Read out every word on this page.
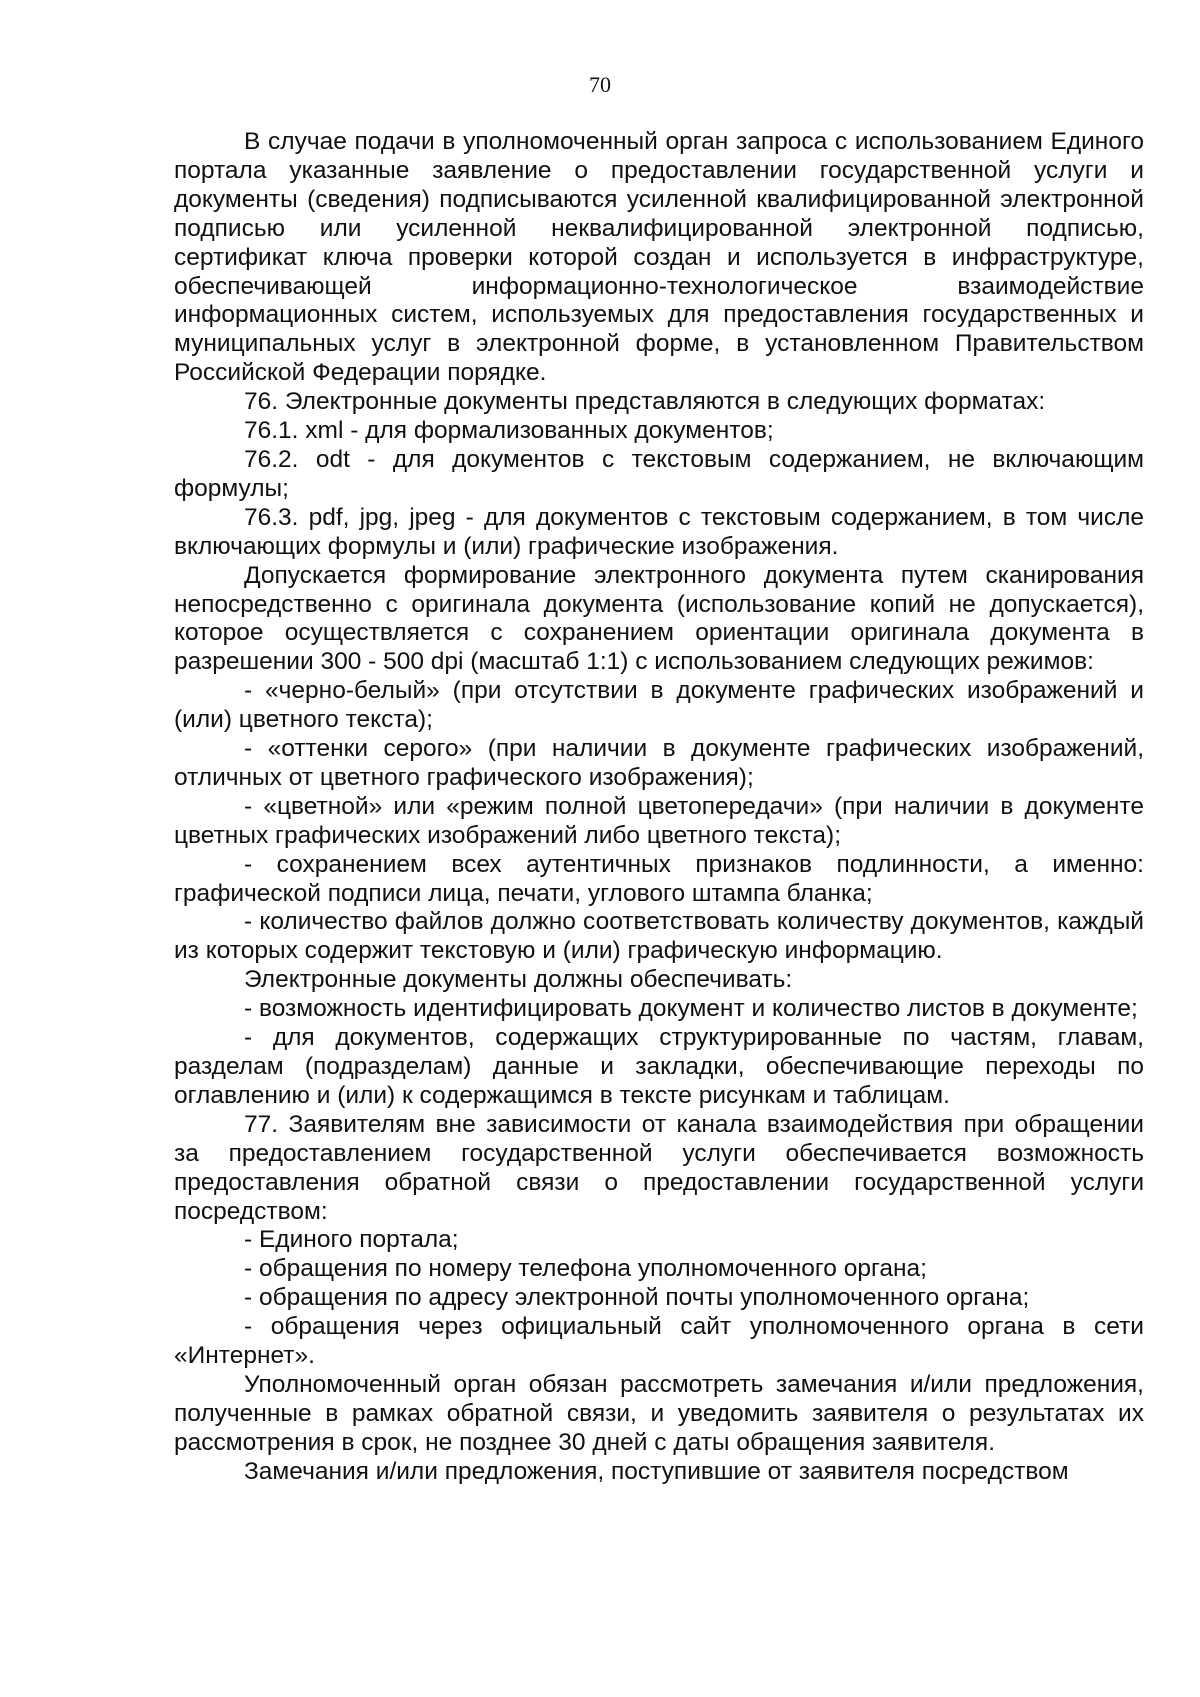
70

В случае подачи в уполномоченный орган запроса с использованием Единого портала указанные заявление о предоставлении государственной услуги и документы (сведения) подписываются усиленной квалифицированной электронной подписью или усиленной неквалифицированной электронной подписью, сертификат ключа проверки которой создан и используется в инфраструктуре, обеспечивающей информационно-технологическое взаимодействие информационных систем, используемых для предоставления государственных и муниципальных услуг в электронной форме, в установленном Правительством Российской Федерации порядке.

76. Электронные документы представляются в следующих форматах:

76.1. xml - для формализованных документов;

76.2. odt - для документов с текстовым содержанием, не включающим формулы;

76.3. pdf, jpg, jpeg - для документов с текстовым содержанием, в том числе включающих формулы и (или) графические изображения.

Допускается формирование электронного документа путем сканирования непосредственно с оригинала документа (использование копий не допускается), которое осуществляется с сохранением ориентации оригинала документа в разрешении 300 - 500 dpi (масштаб 1:1) с использованием следующих режимов:

- «черно-белый» (при отсутствии в документе графических изображений и (или) цветного текста);

- «оттенки серого» (при наличии в документе графических изображений, отличных от цветного графического изображения);

- «цветной» или «режим полной цветопередачи» (при наличии в документе цветных графических изображений либо цветного текста);

- сохранением всех аутентичных признаков подлинности, а именно: графической подписи лица, печати, углового штампа бланка;

- количество файлов должно соответствовать количеству документов, каждый из которых содержит текстовую и (или) графическую информацию.

Электронные документы должны обеспечивать:

- возможность идентифицировать документ и количество листов в документе;

- для документов, содержащих структурированные по частям, главам, разделам (подразделам) данные и закладки, обеспечивающие переходы по оглавлению и (или) к содержащимся в тексте рисункам и таблицам.

77. Заявителям вне зависимости от канала взаимодействия при обращении за предоставлением государственной услуги обеспечивается возможность предоставления обратной связи о предоставлении государственной услуги посредством:

- Единого портала;

- обращения по номеру телефона уполномоченного органа;

- обращения по адресу электронной почты уполномоченного органа;

- обращения через официальный сайт уполномоченного органа в сети «Интернет».

Уполномоченный орган обязан рассмотреть замечания и/или предложения, полученные в рамках обратной связи, и уведомить заявителя о результатах их рассмотрения в срок, не позднее 30 дней с даты обращения заявителя.

Замечания и/или предложения, поступившие от заявителя посредством
